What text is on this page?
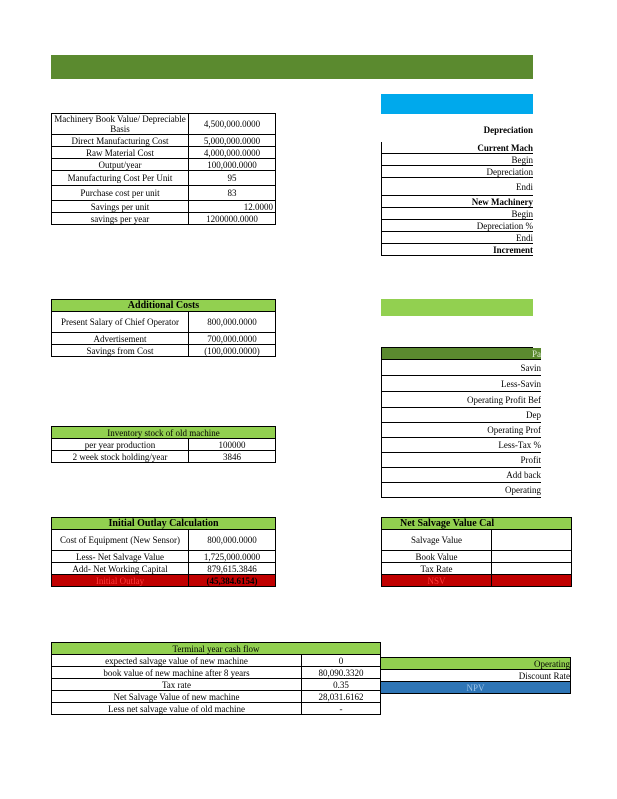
Machinery Book Value/ Depreciable Basis	4,500,000.0000
Direct Manufacturing Cost	5,000,000.0000
Raw Material Cost	4,000,000.0000
Output/year	100,000.0000
Manufacturing Cost Per Unit	95
Purchase cost per unit	83
Savings per unit	12.0000
savings per year	1200000.0000
Additional Costs	
Present Salary of Chief Operator	800,000.0000
Advertisement	700,000.0000
Savings from Cost	(100,000.0000)
Inventory stock of old machine	
per year production	100000
2 week stock holding/year	3846
Initial Outlay Calculation	
Cost of Equipment (New Sensor)	800,000.0000
Less- Net Salvage Value	1,725,000.0000
Add- Net Working Capital	879,615.3846
Initial Outlay	(45,384.6154)
Terminal year cash flow	
expected salvage value of new machine	0
book value of new machine after 8 years	80,090.3320
Tax rate	0.35
Net Salvage Value of new machine	28,031.6162
Less net salvage value of old machine	-
Depreciation
Current Mach
Begin
Depreciation
Endi
New Machinery
Begin
Depreciation %
Endi
Increment
Pa
Savin
Less-Savin
Operating Profit Bef
Dep
Operating Prof
Less-Tax %
Profit
Add back
Operating
Net Salvage Value Cal	
Salvage Value	
Book Value	
Tax Rate	
NSV	
Operating
Discount Rate
NPV
